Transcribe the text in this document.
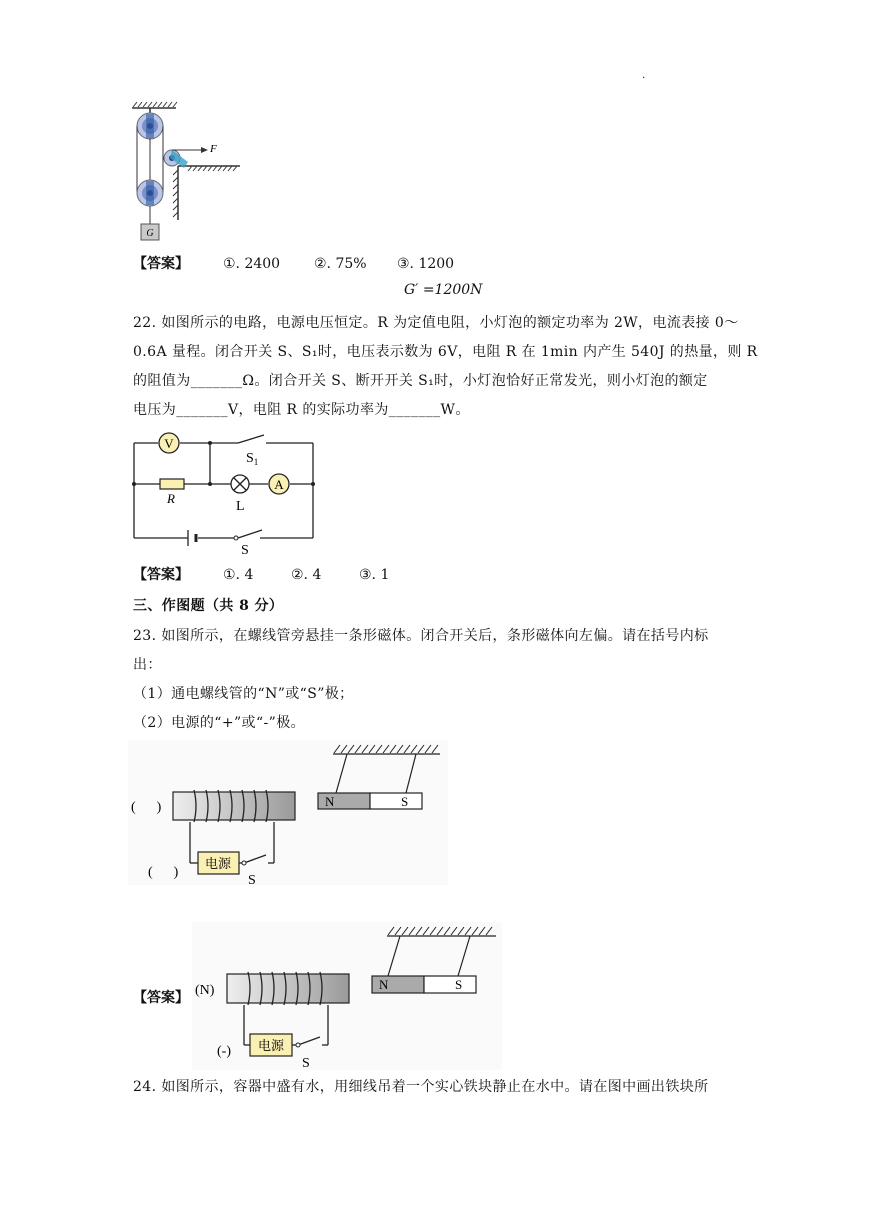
.
G
F
【答案】 ①. 2400 ②. 75% ③. 1200
G′ =1200N
22. 如图所示的电路，电源电压恒定。R 为定值电阻，小灯泡的额定功率为 2W，电流表接 0～
0.6A 量程。闭合开关 S、S₁时，电压表示数为 6V，电阻 R 在 1min 内产生 540J 的热量，则 R
的阻值为_______Ω。闭合开关 S、断开开关 S₁时，小灯泡恰好正常发光，则小灯泡的额定
电压为_______V，电阻 R 的实际功率为_______W。
V
A
R
$S_1$
L
S
【答案】 ①. 4	②. 4	③. 1
三、作图题（共 8 分）
23. 如图所示，在螺线管旁悬挂一条形磁体。闭合开关后，条形磁体向左偏。请在括号内标
出：
（1）通电螺线管的“N”或“S”极；
（2）电源的“+”或“-”极。
N	S
电源
S
(      )
(      )
【答案】
N	S
电源
S
(N)
(-)
24. 如图所示，容器中盛有水，用细线吊着一个实心铁块静止在水中。请在图中画出铁块所
